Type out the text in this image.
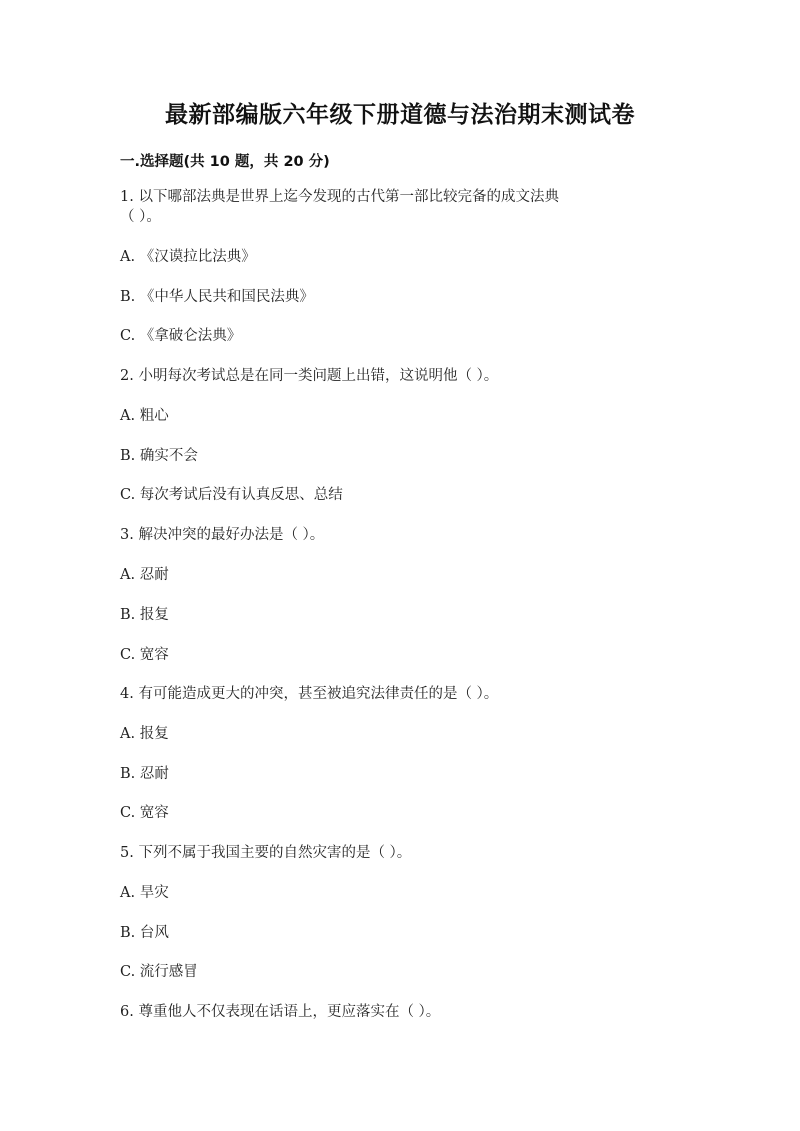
最新部编版六年级下册道德与法治期末测试卷
一.选择题(共 10 题，共 20 分)
1. 以下哪部法典是世界上迄今发现的古代第一部比较完备的成文法典
（ ）。
A. 《汉谟拉比法典》
B. 《中华人民共和国民法典》
C. 《拿破仑法典》
2. 小明每次考试总是在同一类问题上出错，这说明他（ ）。
A. 粗心
B. 确实不会
C. 每次考试后没有认真反思、总结
3. 解决冲突的最好办法是（ ）。
A. 忍耐
B. 报复
C. 宽容
4. 有可能造成更大的冲突，甚至被追究法律责任的是（ ）。
A. 报复
B. 忍耐
C. 宽容
5. 下列不属于我国主要的自然灾害的是（ ）。
A. 旱灾
B. 台风
C. 流行感冒
6. 尊重他人不仅表现在话语上，更应落实在（ ）。
